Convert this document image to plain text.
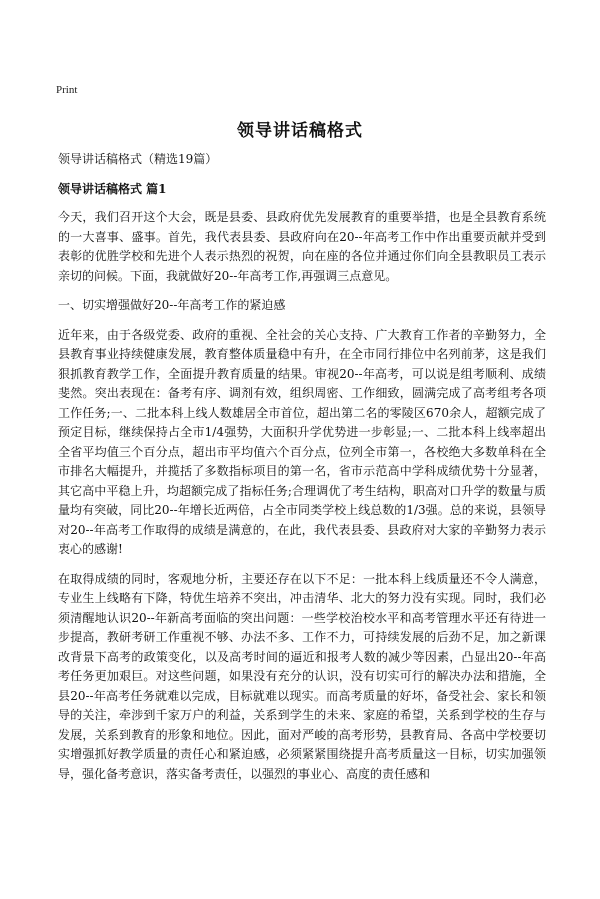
Print
领导讲话稿格式

领导讲话稿格式（精选19篇）

领导讲话稿格式 篇1

今天，我们召开这个大会，既是县委、县政府优先发展教育的重要举措，也是全县教育系统的一大喜事、盛事。首先，我代表县委、县政府向在20--年高考工作中作出重要贡献并受到表彰的优胜学校和先进个人表示热烈的祝贺，向在座的各位并通过你们向全县教职员工表示亲切的问候。下面，我就做好20--年高考工作,再强调三点意见。

一、切实增强做好20--年高考工作的紧迫感

近年来，由于各级党委、政府的重视、全社会的关心支持、广大教育工作者的辛勤努力，全县教育事业持续健康发展，教育整体质量稳中有升，在全市同行排位中名列前茅，这是我们狠抓教育教学工作，全面提升教育质量的结果。审视20--年高考，可以说是组考顺利、成绩斐然。突出表现在：备考有序、调剂有效，组织周密、工作细致，圆满完成了高考组考各项工作任务;一、二批本科上线人数雄居全市首位，超出第二名的零陵区670余人，超额完成了预定目标，继续保持占全市1/4强势，大面积升学优势进一步彰显;一、二批本科上线率超出全省平均值三个百分点，超出市平均值六个百分点，位列全市第一，各校绝大多数单科在全市排名大幅提升，并揽括了多数指标项目的第一名，省市示范高中学科成绩优势十分显著，其它高中平稳上升，均超额完成了指标任务;合理调优了考生结构，职高对口升学的数量与质量均有突破，同比20--年增长近两倍，占全市同类学校上线总数的1/3强。总的来说，县领导对20--年高考工作取得的成绩是满意的，在此，我代表县委、县政府对大家的辛勤努力表示衷心的感谢!

在取得成绩的同时，客观地分析，主要还存在以下不足：一批本科上线质量还不令人满意，专业生上线略有下降，特优生培养不突出，冲击清华、北大的努力没有实现。同时，我们必须清醒地认识20--年新高考面临的突出问题：一些学校治校水平和高考管理水平还有待进一步提高，教研考研工作重视不够、办法不多、工作不力，可持续发展的后劲不足，加之新课改背景下高考的政策变化，以及高考时间的逼近和报考人数的减少等因素，凸显出20--年高考任务更加艰巨。对这些问题，如果没有充分的认识，没有切实可行的解决办法和措施，全县20--年高考任务就难以完成，目标就难以现实。而高考质量的好坏，备受社会、家长和领导的关注，牵涉到千家万户的利益，关系到学生的未来、家庭的希望，关系到学校的生存与发展，关系到教育的形象和地位。因此，面对严峻的高考形势，县教育局、各高中学校要切实增强抓好教学质量的责任心和紧迫感，必须紧紧围绕提升高考质量这一目标，切实加强领导，强化备考意识，落实备考责任，以强烈的事业心、高度的责任感和
